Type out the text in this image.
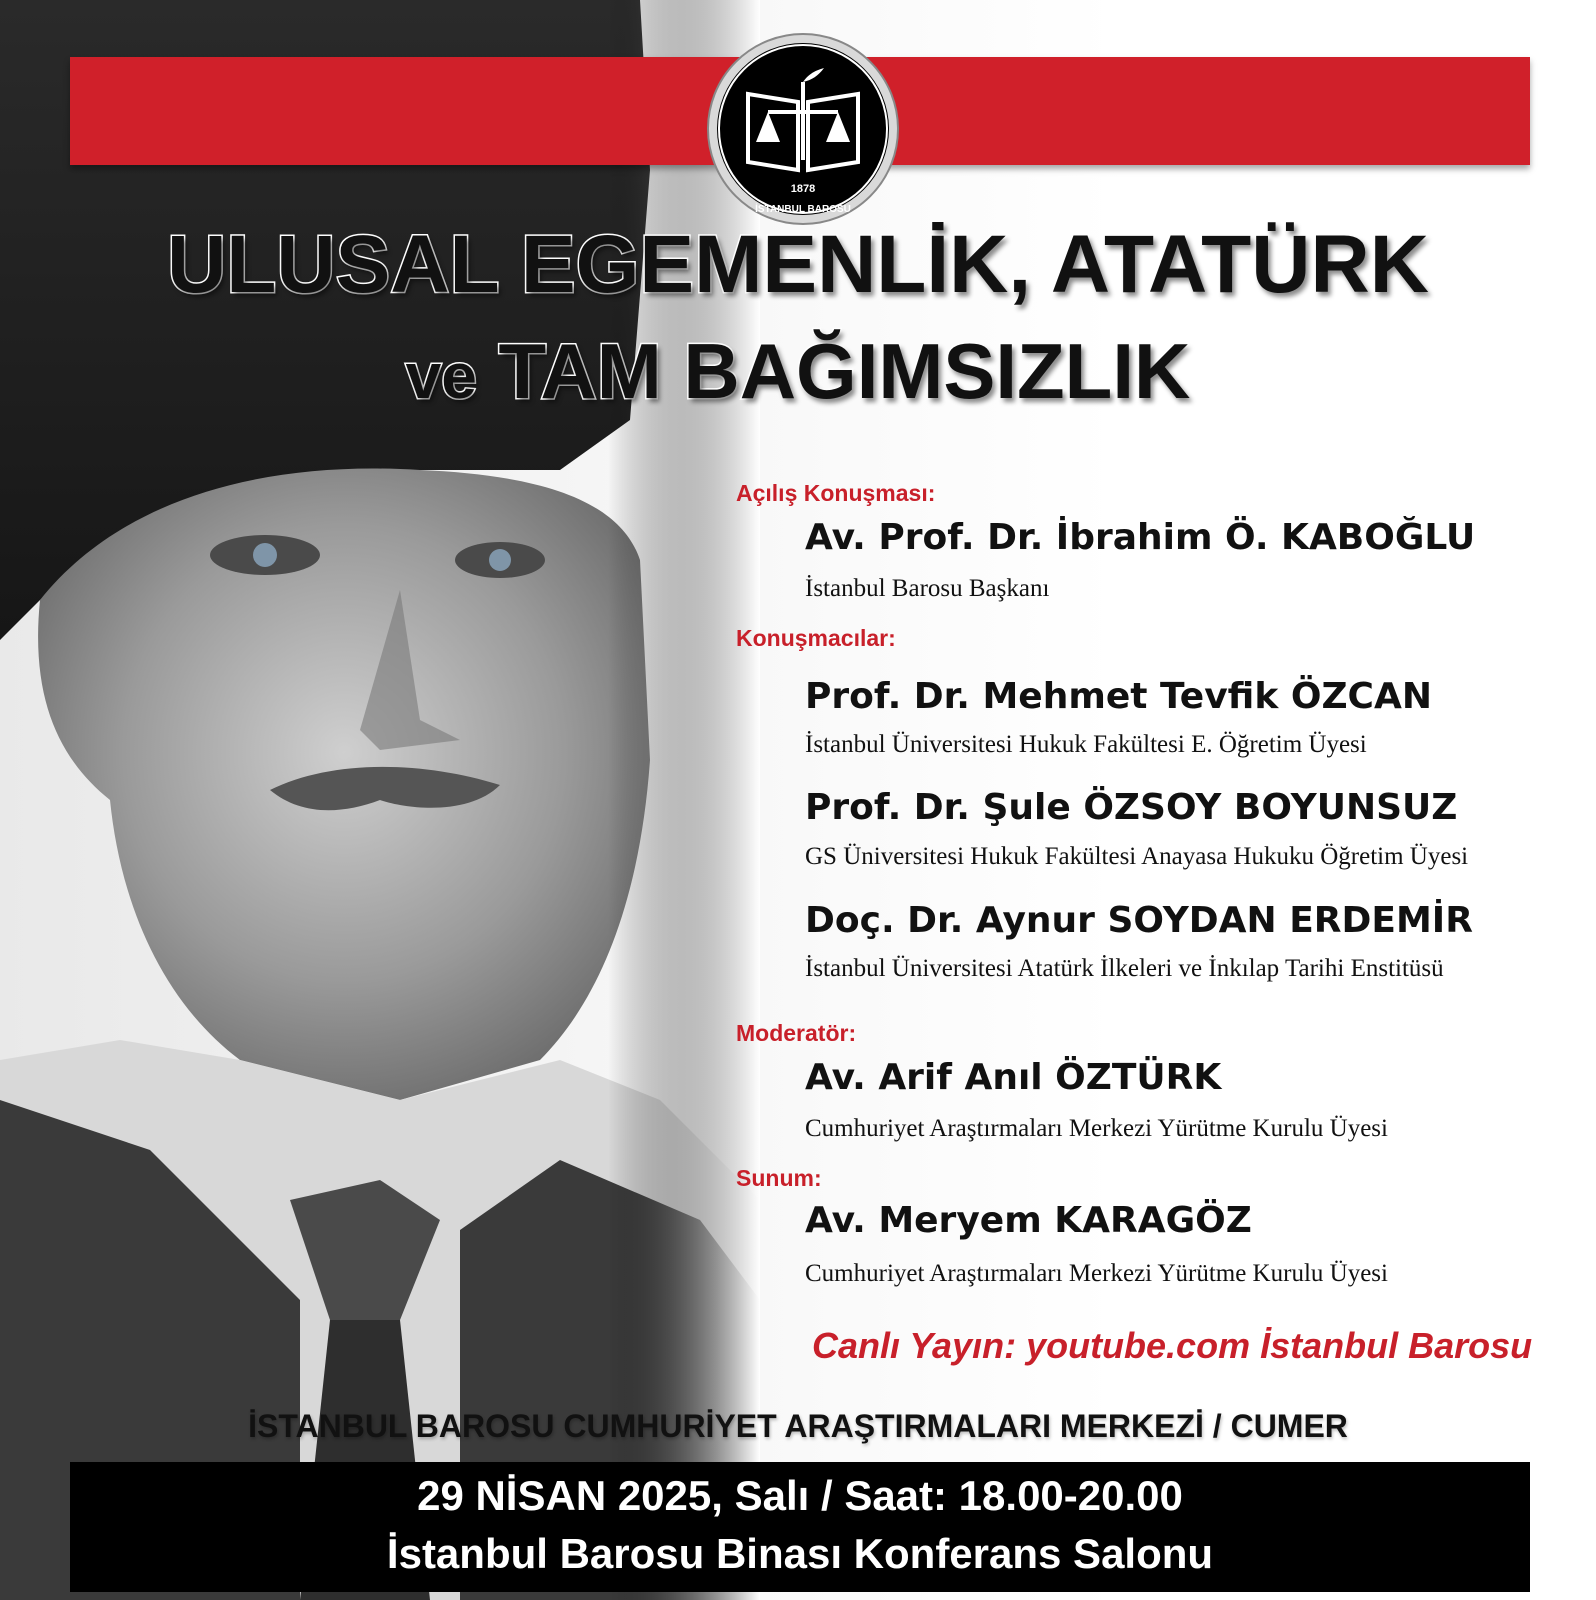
1878
İSTANBUL BAROSU
ULUSAL EGEMENLİK, ATATÜRK
ve TAM BAĞIMSIZLIK
Açılış Konuşması:
Av. Prof. Dr. İbrahim Ö. KABOĞLU
İstanbul Barosu Başkanı
Konuşmacılar:
Prof. Dr. Mehmet Tevfik ÖZCAN
İstanbul Üniversitesi Hukuk Fakültesi E. Öğretim Üyesi
Prof. Dr. Şule ÖZSOY BOYUNSUZ
GS Üniversitesi Hukuk Fakültesi Anayasa Hukuku Öğretim Üyesi
Doç. Dr. Aynur SOYDAN ERDEMİR
İstanbul Üniversitesi Atatürk İlkeleri ve İnkılap Tarihi Enstitüsü
Moderatör:
Av. Arif Anıl ÖZTÜRK
Cumhuriyet Araştırmaları Merkezi Yürütme Kurulu Üyesi
Sunum:
Av. Meryem KARAGÖZ
Cumhuriyet Araştırmaları Merkezi Yürütme Kurulu Üyesi
Canlı Yayın: youtube.com İstanbul Barosu
İSTANBUL BAROSU CUMHURİYET ARAŞTIRMALARI MERKEZİ / CUMER
29 NİSAN 2025, Salı / Saat: 18.00-20.00
İstanbul Barosu Binası Konferans Salonu
